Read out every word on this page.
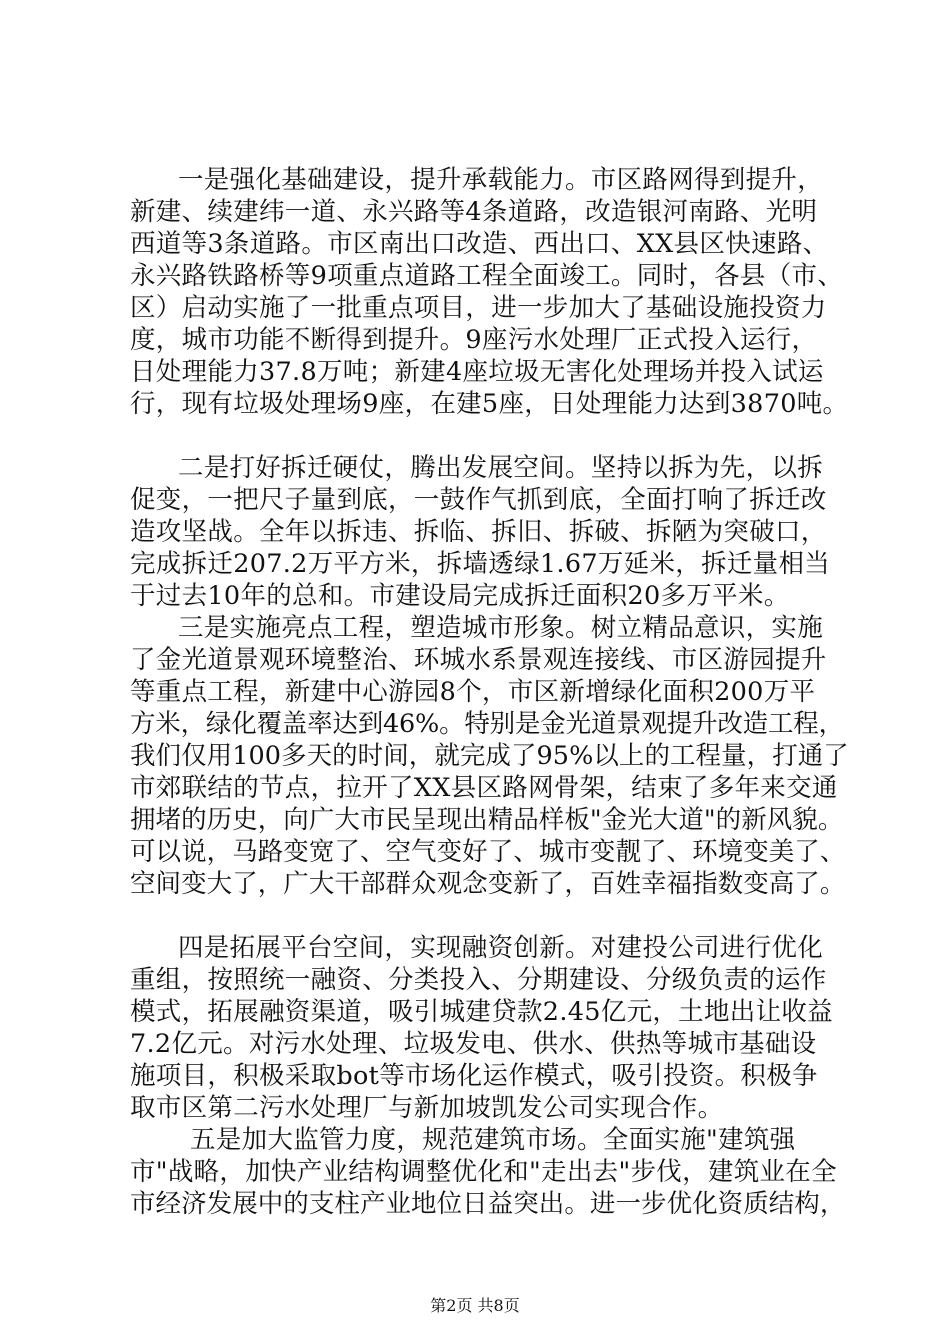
一是强化基础建设，提升承载能力。市区路网得到提升，
新建、续建纬一道、永兴路等4条道路，改造银河南路、光明
西道等3条道路。市区南出口改造、西出口、XX县区快速路、
永兴路铁路桥等9项重点道路工程全面竣工。同时，各县（市、
区）启动实施了一批重点项目，进一步加大了基础设施投资力
度，城市功能不断得到提升。9座污水处理厂正式投入运行，
日处理能力37.8万吨；新建4座垃圾无害化处理场并投入试运
行，现有垃圾处理场9座，在建5座，日处理能力达到3870吨。
二是打好拆迁硬仗，腾出发展空间。坚持以拆为先，以拆
促变，一把尺子量到底，一鼓作气抓到底，全面打响了拆迁改
造攻坚战。全年以拆违、拆临、拆旧、拆破、拆陋为突破口，
完成拆迁207.2万平方米，拆墙透绿1.67万延米，拆迁量相当
于过去10年的总和。市建设局完成拆迁面积20多万平米。
三是实施亮点工程，塑造城市形象。树立精品意识，实施
了金光道景观环境整治、环城水系景观连接线、市区游园提升
等重点工程，新建中心游园8个，市区新增绿化面积200万平
方米，绿化覆盖率达到46%。特别是金光道景观提升改造工程，
我们仅用100多天的时间，就完成了95%以上的工程量，打通了
市郊联结的节点，拉开了XX县区路网骨架，结束了多年来交通
拥堵的历史，向广大市民呈现出精品样板"金光大道"的新风貌。
可以说，马路变宽了、空气变好了、城市变靓了、环境变美了、
空间变大了，广大干部群众观念变新了，百姓幸福指数变高了。
四是拓展平台空间，实现融资创新。对建投公司进行优化
重组，按照统一融资、分类投入、分期建设、分级负责的运作
模式，拓展融资渠道，吸引城建贷款2.45亿元，土地出让收益
7.2亿元。对污水处理、垃圾发电、供水、供热等城市基础设
施项目，积极采取bot等市场化运作模式，吸引投资。积极争
取市区第二污水处理厂与新加坡凯发公司实现合作。
五是加大监管力度，规范建筑市场。全面实施"建筑强
市"战略，加快产业结构调整优化和"走出去"步伐，建筑业在全
市经济发展中的支柱产业地位日益突出。进一步优化资质结构，
第2页 共8页
